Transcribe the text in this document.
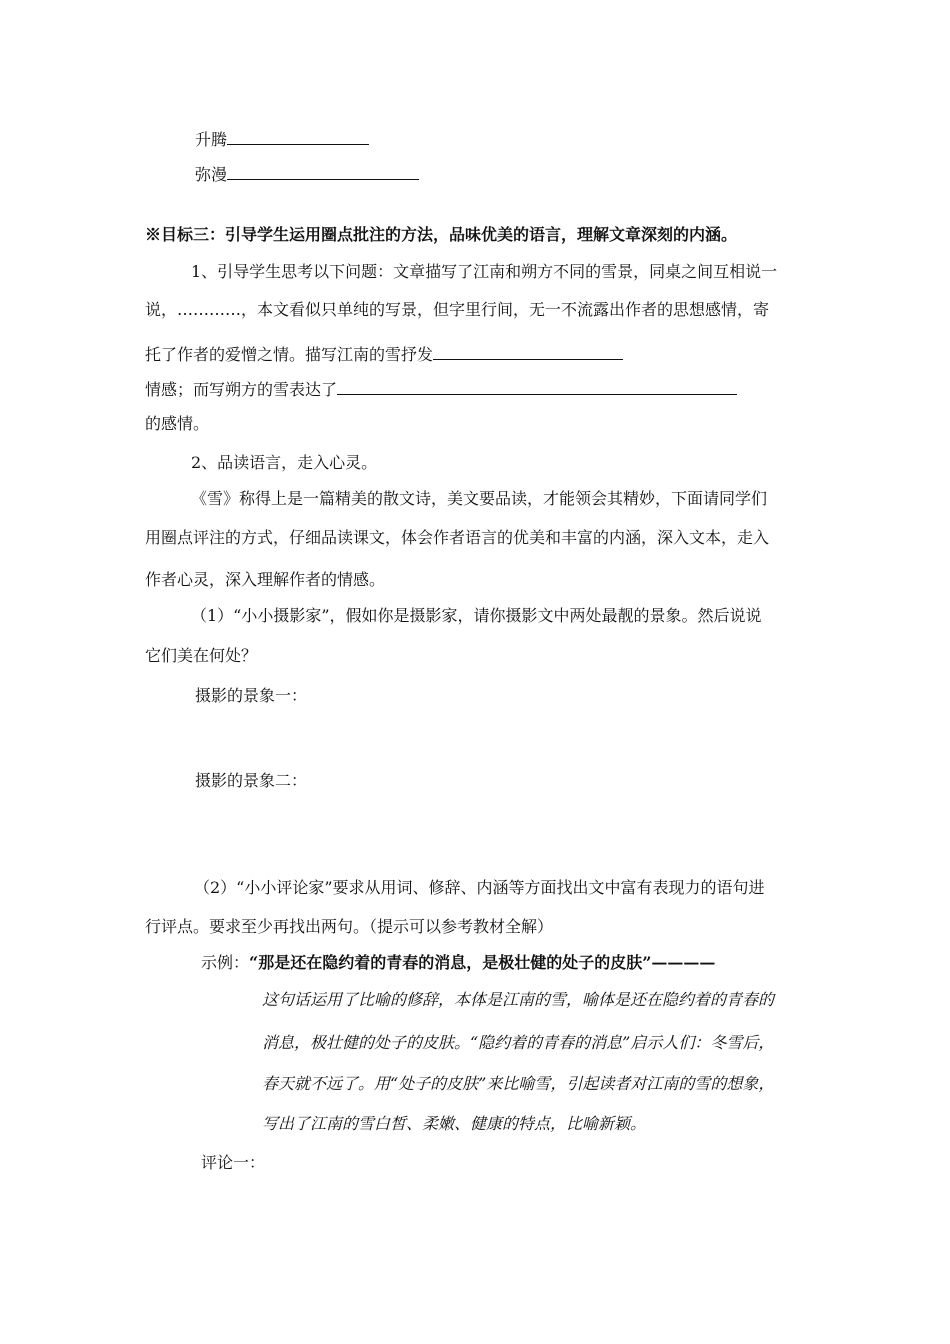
升腾
弥漫
※目标三：引导学生运用圈点批注的方法，品味优美的语言，理解文章深刻的内涵。
1、引导学生思考以下问题：文章描写了江南和朔方不同的雪景，同桌之间互相说一
说，…………，本文看似只单纯的写景，但字里行间，无一不流露出作者的思想感情，寄
托了作者的爱憎之情。描写江南的雪抒发
情感；而写朔方的雪表达了
的感情。
2、品读语言，走入心灵。
《雪》称得上是一篇精美的散文诗，美文要品读，才能领会其精妙，下面请同学们
用圈点评注的方式，仔细品读课文，体会作者语言的优美和丰富的内涵，深入文本，走入
作者心灵，深入理解作者的情感。
（1）“小小摄影家”，假如你是摄影家，请你摄影文中两处最靓的景象。然后说说
它们美在何处？
摄影的景象一：
摄影的景象二：
（2）“小小评论家”要求从用词、修辞、内涵等方面找出文中富有表现力的语句进
行评点。要求至少再找出两句。（提示可以参考教材全解）
示例：“那是还在隐约着的青春的消息，是极壮健的处子的皮肤”————
这句话运用了比喻的修辞，本体是江南的雪，喻体是还在隐约着的青春的
消息，极壮健的处子的皮肤。“隐约着的青春的消息”启示人们：冬雪后，
春天就不远了。用“处子的皮肤”来比喻雪，引起读者对江南的雪的想象，
写出了江南的雪白皙、柔嫩、健康的特点，比喻新颖。
评论一：
